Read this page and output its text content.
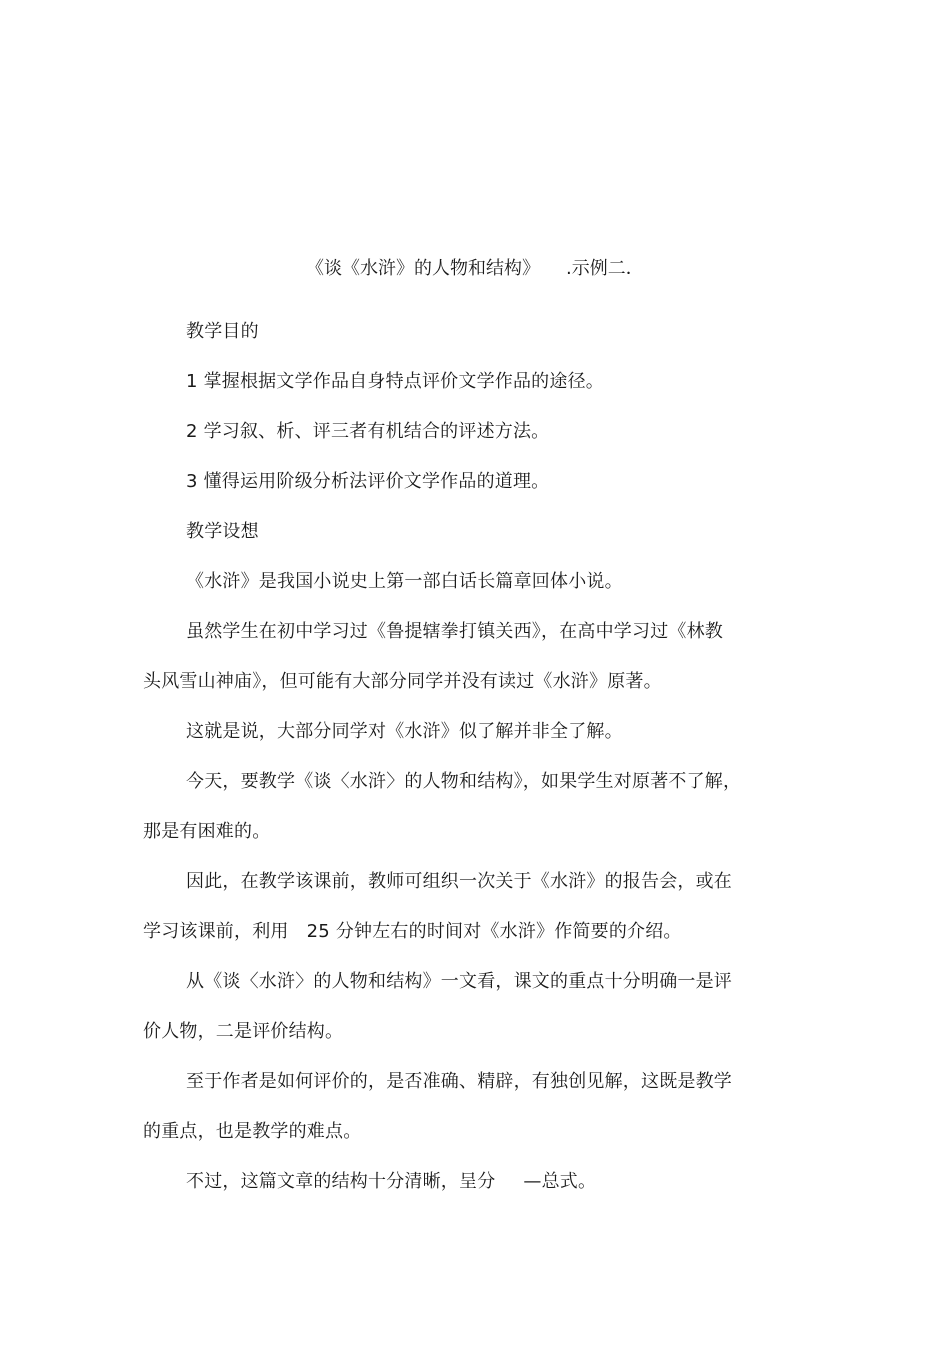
《谈《水浒》的人物和结构》 .示例二．
教学目的
1 掌握根据文学作品自身特点评价文学作品的途径。
2 学习叙、析、评三者有机结合的评述方法。
3 懂得运用阶级分析法评价文学作品的道理。
教学设想
《水浒》是我国小说史上第一部白话长篇章回体小说。
虽然学生在初中学习过《鲁提辖拳打镇关西》，在高中学习过《林教
头风雪山神庙》，但可能有大部分同学并没有读过《水浒》原著。
这就是说，大部分同学对《水浒》似了解并非全了解。
今天，要教学《谈〈水浒〉的人物和结构》，如果学生对原著不了解，
那是有困难的。
因此，在教学该课前，教师可组织一次关于《水浒》的报告会，或在
学习该课前，利用 25 分钟左右的时间对《水浒》作简要的介绍。
从《谈〈水浒〉的人物和结构》一文看，课文的重点十分明确一是评
价人物，二是评价结构。
至于作者是如何评价的，是否准确、精辟，有独创见解，这既是教学
的重点，也是教学的难点。
不过，这篇文章的结构十分清晰，呈分 —总式。
